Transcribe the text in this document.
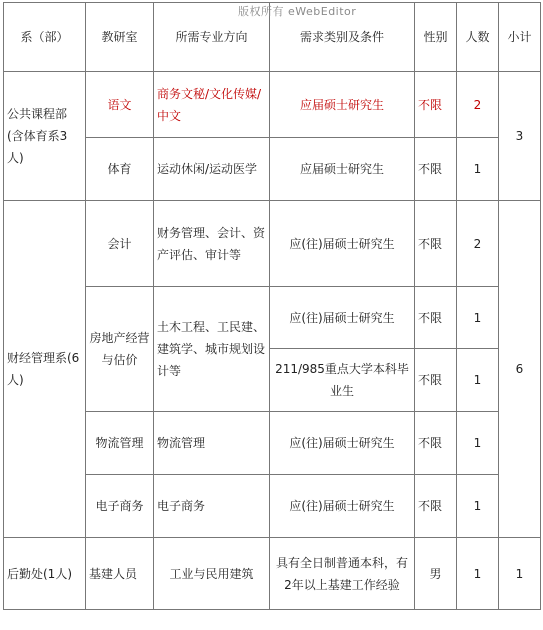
版权所有 eWebEditor
系（部）	教研室	所需专业方向	需求类别及条件	性别	人数	小计
公共课程部(含体育系3人)	语文	商务文秘/文化传媒/中文	应届硕士研究生	不限	2	3
	体育	运动休闲/运动医学	应届硕士研究生	不限	1	
财经管理系(6人)	会计	财务管理、会计、资产评估、审计等	应(往)届硕士研究生	不限	2	6
	房地产经营与估价	土木工程、工民建、建筑学、城市规划设计等	应(往)届硕士研究生	不限	1	
			211/985重点大学本科毕业生	不限	1	
	物流管理	物流管理	应(往)届硕士研究生	不限	1	
	电子商务	电子商务	应(往)届硕士研究生	不限	1	
后勤处(1人)	基建人员	工业与民用建筑	具有全日制普通本科，有2年以上基建工作经验	男	1	1
